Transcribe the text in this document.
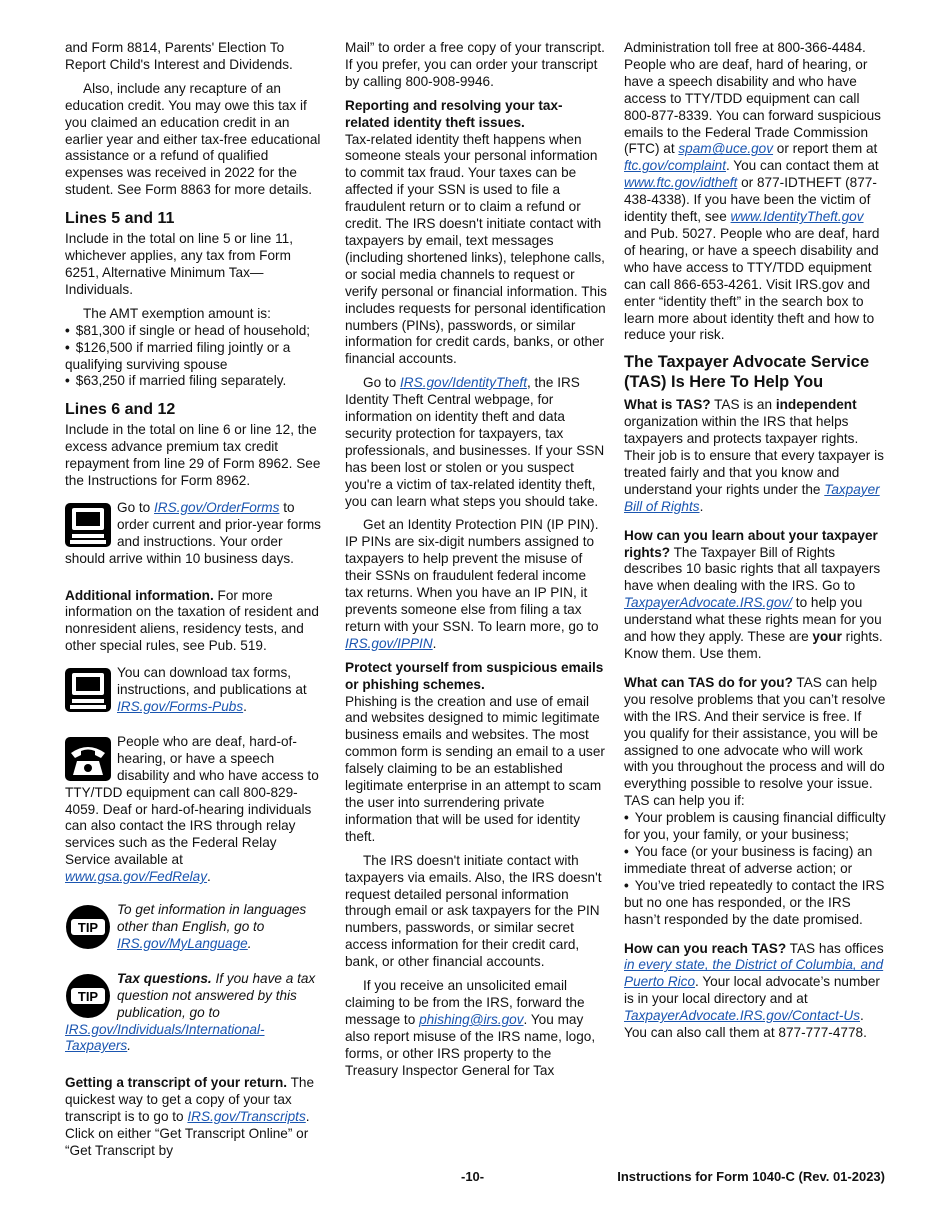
and Form 8814, Parents' Election To Report Child's Interest and Dividends.

Also, include any recapture of an education credit. You may owe this tax if you claimed an education credit in an earlier year and either tax-free educational assistance or a refund of qualified expenses was received in 2022 for the student. See Form 8863 for more details.

Lines 5 and 11

Include in the total on line 5 or line 11, whichever applies, any tax from Form 6251, Alternative Minimum Tax—Individuals.

The AMT exemption amount is:

• $81,300 if single or head of household;

• $126,500 if married filing jointly or a qualifying surviving spouse

• $63,250 if married filing separately.

Lines 6 and 12

Include in the total on line 6 or line 12, the excess advance premium tax credit repayment from line 29 of Form 8962. See the Instructions for Form 8962.

Go to IRS.gov/OrderForms to order current and prior-year forms and instructions. Your order should arrive within 10 business days.

Additional information. For more information on the taxation of resident and nonresident aliens, residency tests, and other special rules, see Pub. 519.

You can download tax forms, instructions, and publications at IRS.gov/Forms-Pubs.

People who are deaf, hard-of-hearing, or have a speech disability and who have access to TTY/TDD equipment can call 800-829-4059. Deaf or hard-of-hearing individuals can also contact the IRS through relay services such as the Federal Relay Service available at www.gsa.gov/FedRelay.

TIP

To get information in languages other than English, go to IRS.gov/MyLanguage.

TIP

Tax questions. If you have a tax question not answered by this publication, go to IRS.gov/Individuals/International-Taxpayers.

Getting a transcript of your return. The quickest way to get a copy of your tax transcript is to go to IRS.gov/Transcripts. Click on either “Get Transcript Online” or “Get Transcript by

Mail” to order a free copy of your transcript. If you prefer, you can order your transcript by calling 800-908-9946.

Reporting and resolving your tax-related identity theft issues.

Tax-related identity theft happens when someone steals your personal information to commit tax fraud. Your taxes can be affected if your SSN is used to file a fraudulent return or to claim a refund or credit. The IRS doesn't initiate contact with taxpayers by email, text messages (including shortened links), telephone calls, or social media channels to request or verify personal or financial information. This includes requests for personal identification numbers (PINs), passwords, or similar information for credit cards, banks, or other financial accounts.

Go to IRS.gov/IdentityTheft, the IRS Identity Theft Central webpage, for information on identity theft and data security protection for taxpayers, tax professionals, and businesses. If your SSN has been lost or stolen or you suspect you're a victim of tax-related identity theft, you can learn what steps you should take.

Get an Identity Protection PIN (IP PIN). IP PINs are six-digit numbers assigned to taxpayers to help prevent the misuse of their SSNs on fraudulent federal income tax returns. When you have an IP PIN, it prevents someone else from filing a tax return with your SSN. To learn more, go to IRS.gov/IPPIN.

Protect yourself from suspicious emails or phishing schemes.

Phishing is the creation and use of email and websites designed to mimic legitimate business emails and websites. The most common form is sending an email to a user falsely claiming to be an established legitimate enterprise in an attempt to scam the user into surrendering private information that will be used for identity theft.

The IRS doesn't initiate contact with taxpayers via emails. Also, the IRS doesn't request detailed personal information through email or ask taxpayers for the PIN numbers, passwords, or similar secret access information for their credit card, bank, or other financial accounts.

If you receive an unsolicited email claiming to be from the IRS, forward the message to phishing@irs.gov. You may also report misuse of the IRS name, logo, forms, or other IRS property to the Treasury Inspector General for Tax

Administration toll free at 800-366-4484. People who are deaf, hard of hearing, or have a speech disability and who have access to TTY/TDD equipment can call 800-877-8339. You can forward suspicious emails to the Federal Trade Commission (FTC) at spam@uce.gov or report them at ftc.gov/complaint. You can contact them at www.ftc.gov/idtheft or 877-IDTHEFT (877-438-4338). If you have been the victim of identity theft, see www.IdentityTheft.gov and Pub. 5027. People who are deaf, hard of hearing, or have a speech disability and who have access to TTY/TDD equipment can call 866-653-4261. Visit IRS.gov and enter “identity theft” in the search box to learn more about identity theft and how to reduce your risk.

The Taxpayer Advocate Service (TAS) Is Here To Help You

What is TAS? TAS is an independent organization within the IRS that helps taxpayers and protects taxpayer rights. Their job is to ensure that every taxpayer is treated fairly and that you know and understand your rights under the Taxpayer Bill of Rights.

How can you learn about your taxpayer rights? The Taxpayer Bill of Rights describes 10 basic rights that all taxpayers have when dealing with the IRS. Go to TaxpayerAdvocate.IRS.gov/ to help you understand what these rights mean for you and how they apply. These are your rights. Know them. Use them.

What can TAS do for you? TAS can help you resolve problems that you can’t resolve with the IRS. And their service is free. If you qualify for their assistance, you will be assigned to one advocate who will work with you throughout the process and will do everything possible to resolve your issue. TAS can help you if:

• Your problem is causing financial difficulty for you, your family, or your business;

• You face (or your business is facing) an immediate threat of adverse action; or

• You’ve tried repeatedly to contact the IRS but no one has responded, or the IRS hasn’t responded by the date promised.

How can you reach TAS? TAS has offices in every state, the District of Columbia, and Puerto Rico. Your local advocate’s number is in your local directory and at TaxpayerAdvocate.IRS.gov/Contact-Us. You can also call them at 877-777-4778.

-10-	Instructions for Form 1040-C (Rev. 01-2023)
